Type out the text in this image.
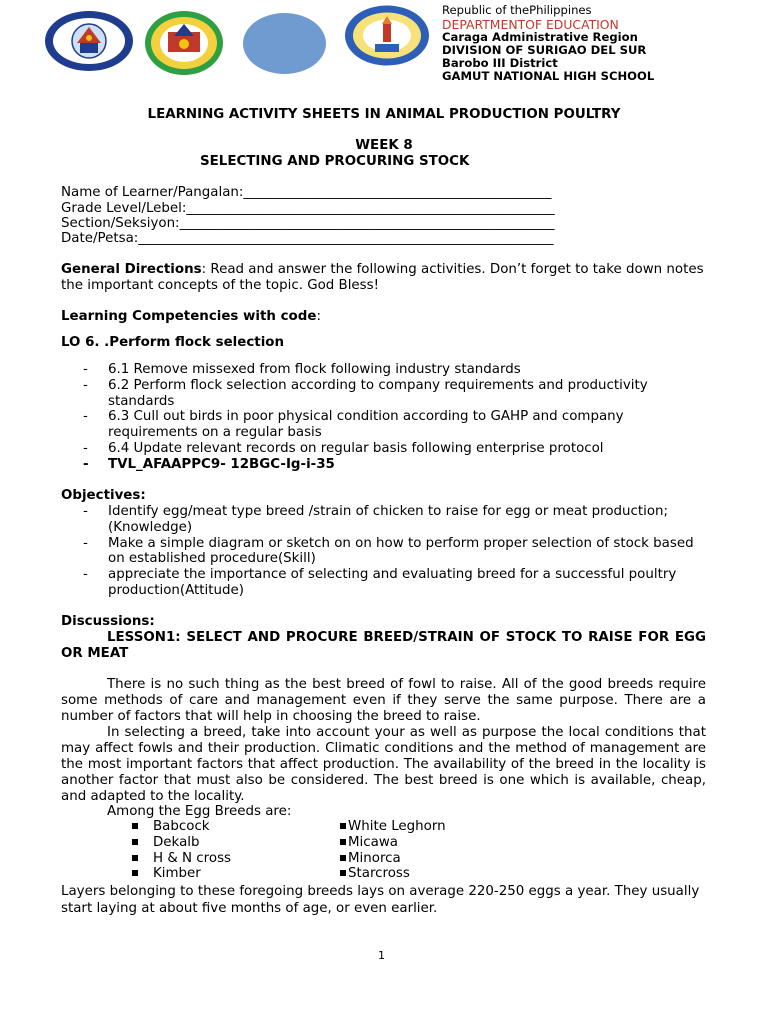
Republic of thePhilippines
DEPARTMENTOF EDUCATION
Caraga Administrative Region
DIVISION OF SURIGAO DEL SUR
Barobo III District
GAMUT NATIONAL HIGH SCHOOL
LEARNING ACTIVITY SHEETS IN ANIMAL PRODUCTION POULTRY
WEEK 8
SELECTING AND PROCURING STOCK
Name of Learner/Pangalan:______________________________________________
Grade Level/Lebel:_______________________________________________________
Section/Seksiyon:________________________________________________________
Date/Petsa:______________________________________________________________
General Directions: Read and answer the following activities. Don’t forget to take down notes the important concepts of the topic. God Bless!
Learning Competencies with code:
LO 6. .Perform flock selection
- 6.1 Remove missexed from flock following industry standards
- 6.2 Perform flock selection according to company requirements and productivity standards
- 6.3 Cull out birds in poor physical condition according to GAHP and company requirements on a regular basis
- 6.4 Update relevant records on regular basis following enterprise protocol
- TVL_AFAAPPC9- 12BGC-Ig-i-35
Objectives:
- Identify egg/meat type breed /strain of chicken to raise for egg or meat production;(Knowledge)
- Make a simple diagram or sketch on on how to perform proper selection of stock based on established procedure(Skill)
- appreciate the importance of selecting and evaluating breed for a successful poultry production(Attitude)
Discussions:
LESSON1: SELECT AND PROCURE BREED/STRAIN OF STOCK TO RAISE FOR EGG OR MEAT
There is no such thing as the best breed of fowl to raise. All of the good breeds require some methods of care and management even if they serve the same purpose. There are a number of factors that will help in choosing the breed to raise.
In selecting a breed, take into account your as well as purpose the local conditions that may affect fowls and their production. Climatic conditions and the method of management are the most important factors that affect production. The availability of the breed in the locality is another factor that must also be considered. The best breed is one which is available, cheap, and adapted to the locality.
Among the Egg Breeds are:
Babcock
Dekalb
H & N cross
Kimber
White Leghorn
Micawa
Minorca
Starcross
Layers belonging to these foregoing breeds lays on average 220-250 eggs a year. They usually start laying at about five months of age, or even earlier.
1
